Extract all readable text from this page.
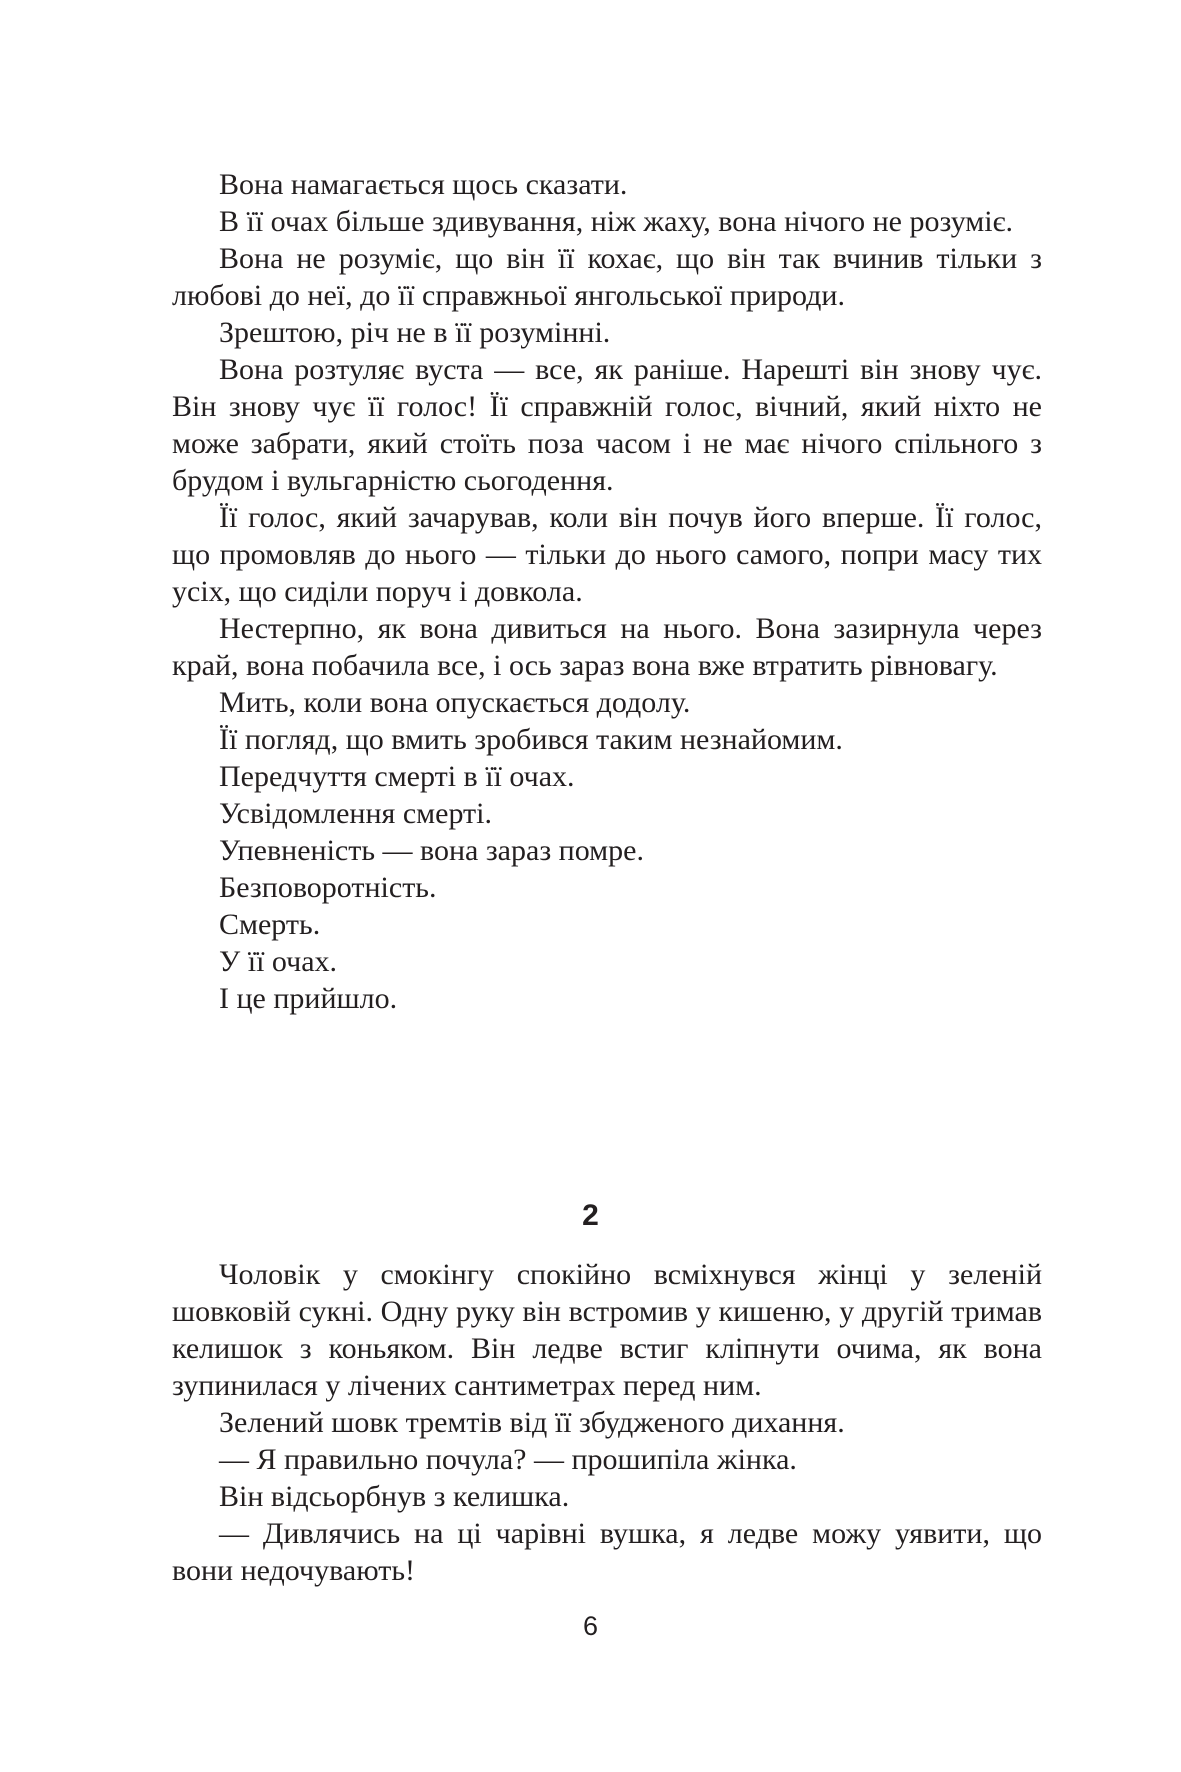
Вона намагається щось сказати.

В її очах більше здивування, ніж жаху, вона нічого не розуміє.

Вона не розуміє, що він її кохає, що він так вчинив тільки з любові до неї, до її справжньої янгольської природи.

Зрештою, річ не в її розумінні.

Вона розтуляє вуста — все, як раніше. Нарешті він знову чує. Він знову чує її голос! Її справжній голос, вічний, який ніхто не може забрати, який стоїть поза часом і не має нічого спільного з брудом і вульгарністю сьогодення.

Її голос, який зачарував, коли він почув його вперше. Її голос, що промовляв до нього — тільки до нього самого, попри масу тих усіх, що сиділи поруч і довкола.

Нестерпно, як вона дивиться на нього. Вона зазирнула через край, вона побачила все, і ось зараз вона вже втратить рівновагу.

Мить, коли вона опускається додолу.

Її погляд, що вмить зробився таким незнайомим.

Передчуття смерті в її очах.

Усвідомлення смерті.

Упевненість — вона зараз помре.

Безповоротність.

Смерть.

У її очах.

І це прийшло.

2

Чоловік у смокінгу спокійно всміхнувся жінці у зеленій шовковій сукні. Одну руку він встромив у кишеню, у другій тримав келишок з коньяком. Він ледве встиг кліпнути очима, як вона зупинилася у лічених сантиметрах перед ним.

Зелений шовк тремтів від її збудженого дихання.

— Я правильно почула? — прошипіла жінка.

Він відсьорбнув з келишка.

— Дивлячись на ці чарівні вушка, я ледве можу уявити, що вони недочувають!

6
